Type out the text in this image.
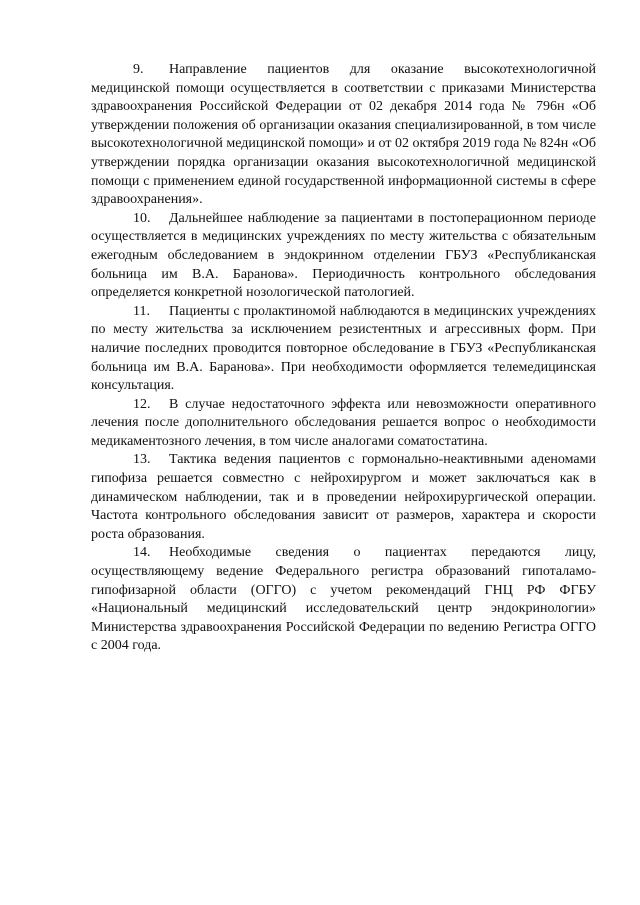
9. Направление пациентов для оказание высокотехнологичной медицинской помощи осуществляется в соответствии с приказами Министерства здравоохранения Российской Федерации от 02 декабря 2014 года № 796н «Об утверждении положения об организации оказания специализированной, в том числе высокотехнологичной медицинской помощи» и от 02 октября 2019 года № 824н «Об утверждении порядка организации оказания высокотехнологичной медицинской помощи с применением единой государственной информационной системы в сфере здравоохранения».

10. Дальнейшее наблюдение за пациентами в постоперационном периоде осуществляется в медицинских учреждениях по месту жительства с обязательным ежегодным обследованием в эндокринном отделении ГБУЗ «Республиканская больница им В.А. Баранова». Периодичность контрольного обследования определяется конкретной нозологической патологией.

11. Пациенты с пролактиномой наблюдаются в медицинских учреждениях по месту жительства за исключением резистентных и агрессивных форм. При наличие последних проводится повторное обследование в ГБУЗ «Республиканская больница им В.А. Баранова». При необходимости оформляется телемедицинская консультация.

12. В случае недостаточного эффекта или невозможности оперативного лечения после дополнительного обследования решается вопрос о необходимости медикаментозного лечения, в том числе аналогами соматостатина.

13. Тактика ведения пациентов с гормонально-неактивными аденомами гипофиза решается совместно с нейрохирургом и может заключаться как в динамическом наблюдении, так и в проведении нейрохирургической операции. Частота контрольного обследования зависит от размеров, характера и скорости роста образования.

14. Необходимые сведения о пациентах передаются лицу, осуществляющему ведение Федерального регистра образований гипоталамо-гипофизарной области (ОГГО) с учетом рекомендаций ГНЦ РФ ФГБУ «Национальный медицинский исследовательский центр эндокринологии» Министерства здравоохранения Российской Федерации по ведению Регистра ОГГО с 2004 года.
